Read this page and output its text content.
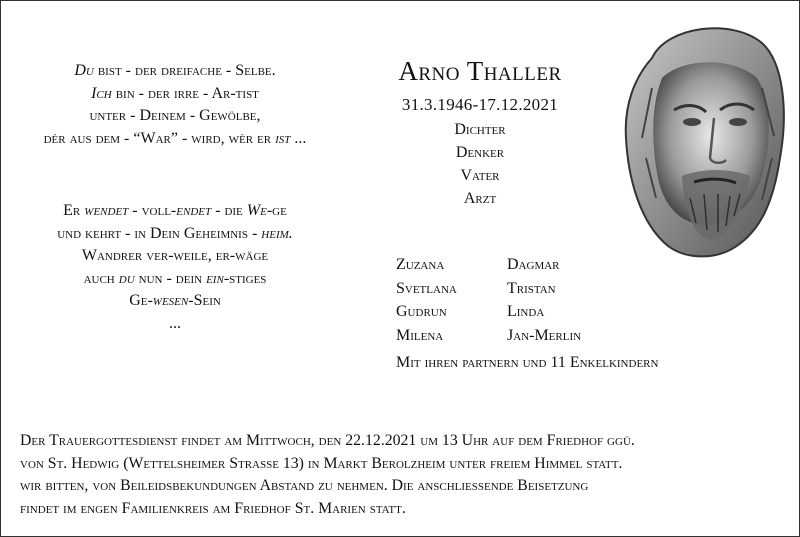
Du bist - der dreifache - Selbe.
Ich bin - der irre - Ar-tist
unter - Deinem - Gewölbe,
dér aus dem - “War” - wird, wèr er ist ...
Er wendet - voll-endet - die We-ge
und kehrt - in Dein Geheimnis - heim.
Wandrer ver-weile, er-wäge
auch du nun - dein ein-stiges
Ge-wesen-Sein
...
Arno Thaller
31.3.1946-17.12.2021
Dichter
Denker
Vater
Arzt
Zuzana
Svetlana
Gudrun
Milena
Dagmar
Tristan
Linda
Jan-Merlin
Mit ihren partnern und 11 Enkelkindern
Der Trauergottesdienst findet am Mittwoch, den 22.12.2021 um 13 Uhr auf dem Friedhof ggü.
von St. Hedwig (Wettelsheimer Strasse 13) in Markt Berolzheim unter freiem Himmel statt.
wir bitten, von Beileidsbekundungen Abstand zu nehmen. Die anschliessende Beisetzung
findet im engen Familienkreis am Friedhof St. Marien statt.
